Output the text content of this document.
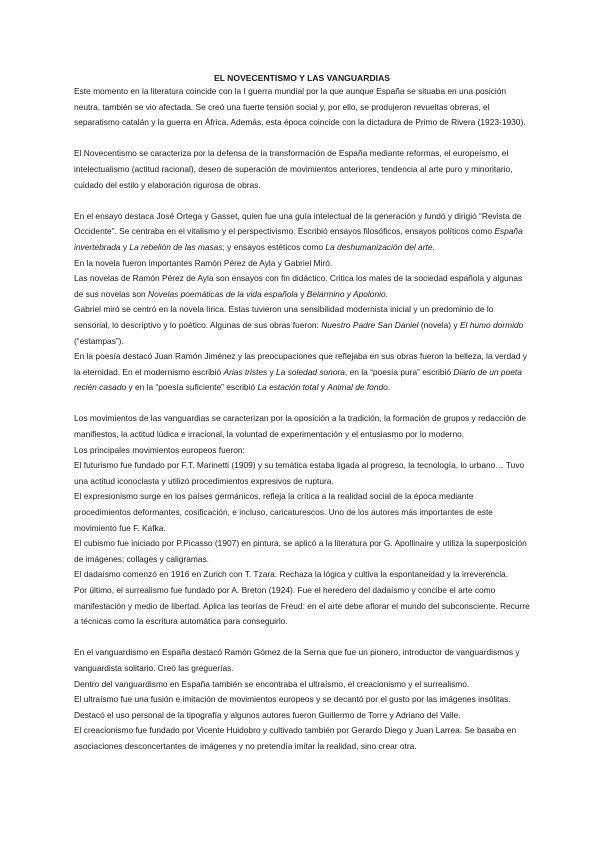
EL NOVECENTISMO Y LAS VANGUARDIAS

Este momento en la literatura coincide con la I guerra mundial por la que aunque España se situaba en una posición neutra, también se vio afectada. Se creó una fuerte tensión social y, por ello, se produjeron revueltas obreras, el separatismo catalán y la guerra en África. Además, esta época coincide con la dictadura de Primo de Rivera (1923-1930).

El Novecentismo se caracteriza por la defensa de la transformación de España mediante reformas, el europeísmo, el intelectualismo (actitud racional), deseo de superación de movimientos anteriores, tendencia al arte puro y minoritario, cuidado del estilo y elaboración rigurosa de obras.

En el ensayo destaca José Ortega y Gasset, quien fue una guía intelectual de la generación y fundó y dirigió “Revista de Occidente”. Se centraba en el vitalismo y el perspectivismo. Escribió ensayos filosóficos, ensayos políticos como España invertebrada y La rebelión de las masas; y ensayos estéticos como La deshumanización del arte.

En la novela fueron importantes Ramón Pérez de Ayla y Gabriel Miró.

Las novelas de Ramón Pérez de Ayla son ensayos con fin didáctico. Critica los males de la sociedad española y algunas de sus novelas son Novelas poemáticas de la vida española y Belarmino y Apolonio.

Gabriel miró se centró en la novela lírica. Estas tuvieron una sensibilidad modernista inicial y un predominio de lo sensorial, lo descriptivo y lo poético. Algunas de sus obras fueron: Nuestro Padre San Daniel (novela) y El humo dormido (“estampas”).

En la poesía destacó Juan Ramón Jiménez y las preocupaciones que reflejaba en sus obras fueron la belleza, la verdad y la eternidad. En el modernismo escribió Arias tristes y La soledad sonora, en la “poesía pura” escribió Diario de un poeta recién casado y en la “poesía suficiente” escribió La estación total y Animal de fondo.

Los movimientos de las vanguardias se caracterizan por la oposición a la tradición, la formación de grupos y redacción de manifiestos, la actitud lúdica e irracional, la voluntad de experimentación y el entusiasmo por lo moderno.

Los principales movimientos europeos fueron:

El futurismo fue fundado por F.T. Marinetti (1909) y su temática estaba ligada al progreso, la tecnología, lo urbano… Tuvo una actitud iconoclasta y utilizó procedimientos expresivos de ruptura.

El expresionismo surge en los países germánicos, refleja la crítica a la realidad social de la época mediante procedimientos deformantes, cosificación, e incluso, caricaturescos. Uno de los autores más importantes de este movimiento fue F. Kafka.

El cubismo fue iniciado por P.Picasso (1907) en pintura, se aplicó a la literatura por G. Apollinaire y utiliza la superposición de imágenes; collages y caligramas.

El dadaísmo comenzó en 1916 en Zurich con T. Tzara. Rechaza la lógica y cultiva la espontaneidad y la irreverencia.

Por último, el surrealismo fue fundado por A. Breton (1924). Fue el heredero del dadaísmo y concibe el arte como manifestación y medio de libertad. Aplica las teorías de Freud: en el arte debe aflorar el mundo del subconsciente. Recurre a técnicas como la escritura automática para conseguirlo.

En el vanguardismo en España destacó Ramón Gómez de la Serna que fue un pionero, introductor de vanguardismos y vanguardista solitario. Creó las greguerías.

Dentro del vanguardismo en España también se encontraba el ultraísmo, el creacionismo y el surrealismo.

El ultraísmo fue una fusión e imitación de movimientos europeos y se decantó por el gusto por las imágenes insólitas. Destacó el uso personal de la tipografía y algunos autores fueron Guillermo de Torre y Adriano del Valle.

El creacionismo fue fundado por Vicente Huidobro y cultivado también por Gerardo Diego y Juan Larrea. Se basaba en asociaciones desconcertantes de imágenes y no pretendía imitar la realidad, sino crear otra.
